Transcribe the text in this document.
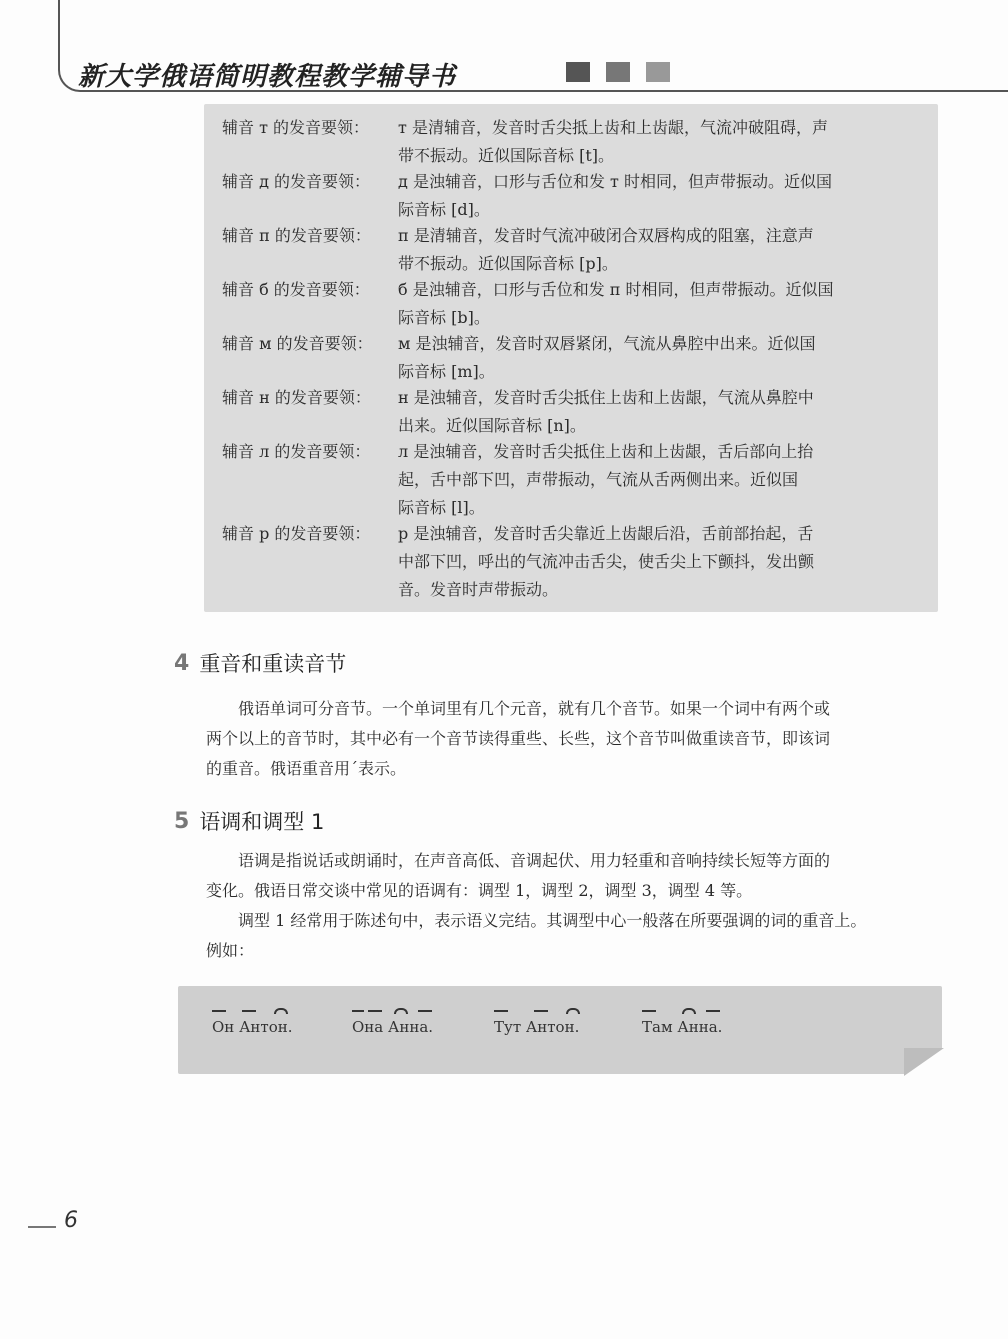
新大学俄语简明教程教学辅导书
辅音 т 的发音要领：	т 是清辅音，发音时舌尖抵上齿和上齿龈，气流冲破阻碍，声
带不振动。近似国际音标 [t]。
辅音 д 的发音要领：	д 是浊辅音，口形与舌位和发 т 时相同，但声带振动。近似国
际音标 [d]。
辅音 п 的发音要领：	п 是清辅音，发音时气流冲破闭合双唇构成的阻塞，注意声
带不振动。近似国际音标 [p]。
辅音 б 的发音要领：	б 是浊辅音，口形与舌位和发 п 时相同，但声带振动。近似国
际音标 [b]。
辅音 м 的发音要领：	м 是浊辅音，发音时双唇紧闭，气流从鼻腔中出来。近似国
际音标 [m]。
辅音 н 的发音要领：	н 是浊辅音，发音时舌尖抵住上齿和上齿龈，气流从鼻腔中
出来。近似国际音标 [n]。
辅音 л 的发音要领：	л 是浊辅音，发音时舌尖抵住上齿和上齿龈，舌后部向上抬
起，舌中部下凹，声带振动，气流从舌两侧出来。近似国
际音标 [l]。
辅音 р 的发音要领：	р 是浊辅音，发音时舌尖靠近上齿龈后沿，舌前部抬起，舌
中部下凹，呼出的气流冲击舌尖，使舌尖上下颤抖，发出颤
音。发音时声带振动。
4 重音和重读音节
俄语单词可分音节。一个单词里有几个元音，就有几个音节。如果一个词中有两个或
两个以上的音节时，其中必有一个音节读得重些、长些，这个音节叫做重读音节，即该词
的重音。俄语重音用ˊ表示。
5 语调和调型 1
语调是指说话或朗诵时，在声音高低、音调起伏、用力轻重和音响持续长短等方面的
变化。俄语日常交谈中常见的语调有：调型 1，调型 2，调型 3，调型 4 等。
调型 1 经常用于陈述句中，表示语义完结。其调型中心一般落在所要强调的词的重音上。
例如：
Он Антон.	Она Анна.	Тут Антон.	Там Анна.
6
